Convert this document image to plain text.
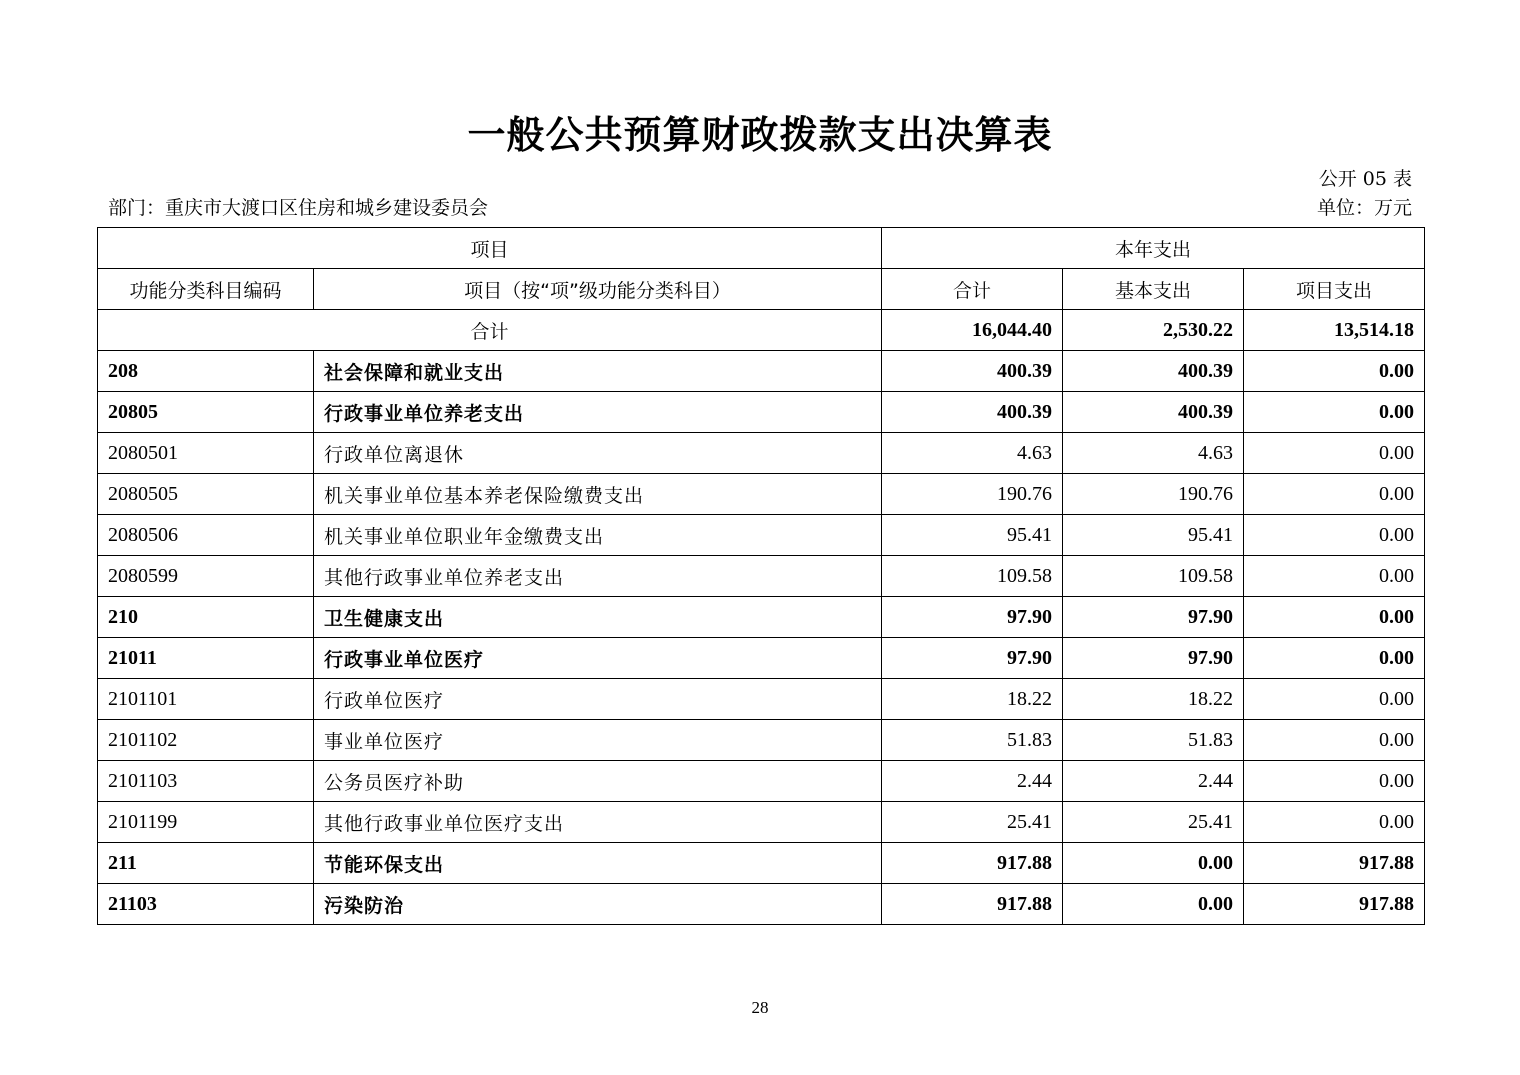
一般公共预算财政拨款支出决算表
公开 05 表
部门：重庆市大渡口区住房和城乡建设委员会	单位：万元
项目		本年支出		
功能分类科目编码	项目（按“项”级功能分类科目）	合计	基本支出	项目支出
合计		16,044.40	2,530.22	13,514.18
208	社会保障和就业支出	400.39	400.39	0.00
20805	行政事业单位养老支出	400.39	400.39	0.00
2080501	行政单位离退休	4.63	4.63	0.00
2080505	机关事业单位基本养老保险缴费支出	190.76	190.76	0.00
2080506	机关事业单位职业年金缴费支出	95.41	95.41	0.00
2080599	其他行政事业单位养老支出	109.58	109.58	0.00
210	卫生健康支出	97.90	97.90	0.00
21011	行政事业单位医疗	97.90	97.90	0.00
2101101	行政单位医疗	18.22	18.22	0.00
2101102	事业单位医疗	51.83	51.83	0.00
2101103	公务员医疗补助	2.44	2.44	0.00
2101199	其他行政事业单位医疗支出	25.41	25.41	0.00
211	节能环保支出	917.88	0.00	917.88
21103	污染防治	917.88	0.00	917.88
28
